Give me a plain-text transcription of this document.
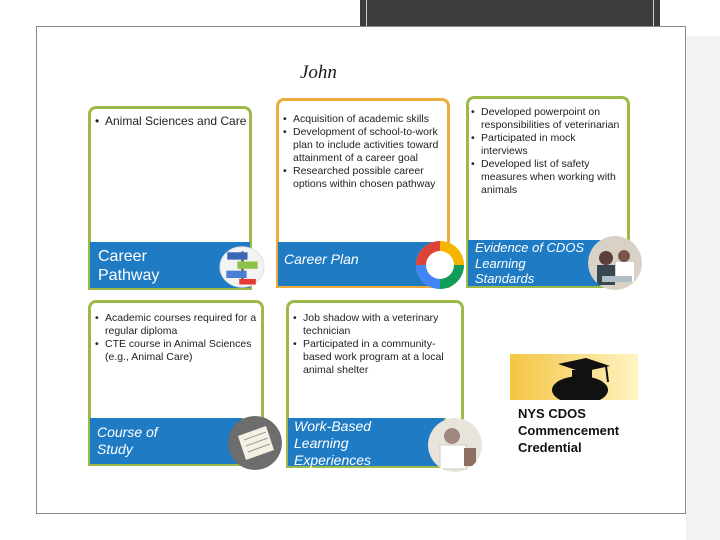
John
• Animal Sciences and Care
Career Pathway
• Acquisition of academic skills
• Development of school-to-work plan to include activities toward attainment of a career goal
• Researched possible career options within chosen pathway
Career Plan
• Developed powerpoint on responsibilities of veterinarian
• Participated in mock interviews
• Developed list of safety measures when working with animals
Evidence of CDOS Learning Standards
• Academic courses required for a regular diploma
• CTE course in Animal Sciences (e.g., Animal Care)
Course of Study
• Job shadow with a veterinary technician
• Participated in a community-based work program at a local animal shelter
Work-Based Learning Experiences
NYS CDOS Commencement Credential
